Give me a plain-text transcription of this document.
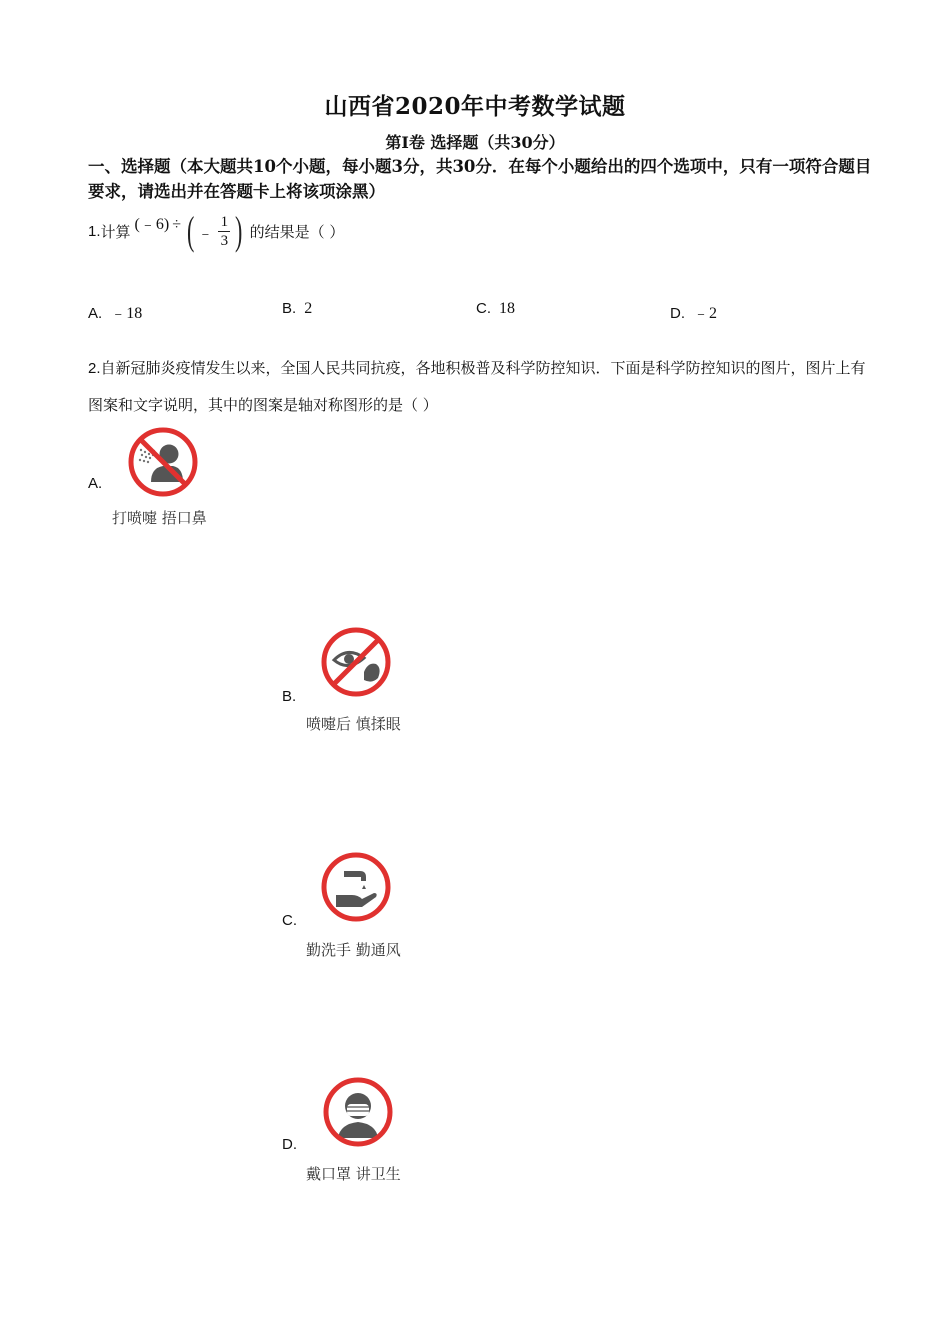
山西省2020年中考数学试题
第I卷 选择题（共30分）
一、选择题（本大题共10个小题，每小题3分，共30分．在每个小题给出的四个选项中，只有一项符合题目要求，请选出并在答题卡上将该项涂黑）
1. 计算 (﹣6) ÷ ( ﹣ $\frac{1}{3}$ ) 的结果是（ ）
A. ﹣18	B. 2	C. 18	D. ﹣2
2.自新冠肺炎疫情发生以来，全国人民共同抗疫，各地积极普及科学防控知识．下面是科学防控知识的图片，图片上有图案和文字说明，其中的图案是轴对称图形的是（ ）
A.
打喷嚏 捂口鼻
B.
喷嚏后 慎揉眼
C.
勤洗手 勤通风
D.
戴口罩 讲卫生
